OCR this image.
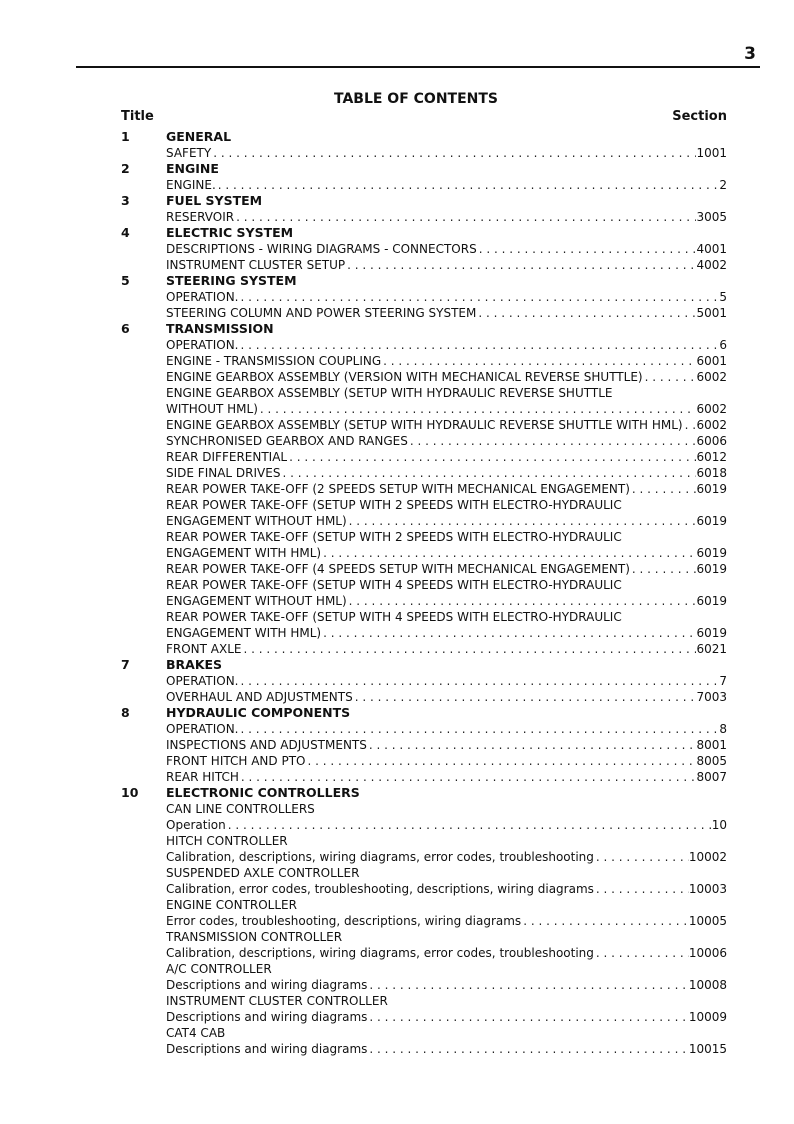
3
TABLE OF CONTENTS
Title	Section
1	GENERAL
SAFETY . . .	1001
2	ENGINE
ENGINE. . . .	2
3	FUEL SYSTEM
RESERVOIR . . .	3005
4	ELECTRIC SYSTEM
DESCRIPTIONS - WIRING DIAGRAMS - CONNECTORS . . .	4001
INSTRUMENT CLUSTER SETUP . . .	4002
5	STEERING SYSTEM
OPERATION. . . .	5
STEERING COLUMN AND POWER STEERING SYSTEM . . .	5001
6	TRANSMISSION
OPERATION. . . .	6
ENGINE - TRANSMISSION COUPLING . . .	6001
ENGINE GEARBOX ASSEMBLY (VERSION WITH MECHANICAL REVERSE SHUTTLE) . . .	6002
ENGINE GEARBOX ASSEMBLY (SETUP WITH HYDRAULIC REVERSE SHUTTLE
WITHOUT HML) . . .	6002
ENGINE GEARBOX ASSEMBLY (SETUP WITH HYDRAULIC REVERSE SHUTTLE WITH HML) . . . 6002
SYNCHRONISED GEARBOX AND RANGES . . .	6006
REAR DIFFERENTIAL . . .	6012
SIDE FINAL DRIVES . . .	6018
REAR POWER TAKE-OFF (2 SPEEDS SETUP WITH MECHANICAL ENGAGEMENT) . . .	6019
REAR POWER TAKE-OFF (SETUP WITH 2 SPEEDS WITH ELECTRO-HYDRAULIC
ENGAGEMENT WITHOUT HML) . . .	6019
REAR POWER TAKE-OFF (SETUP WITH 2 SPEEDS WITH ELECTRO-HYDRAULIC
ENGAGEMENT WITH HML) . . .	6019
REAR POWER TAKE-OFF (4 SPEEDS SETUP WITH MECHANICAL ENGAGEMENT) . . .	6019
REAR POWER TAKE-OFF (SETUP WITH 4 SPEEDS WITH ELECTRO-HYDRAULIC
ENGAGEMENT WITHOUT HML) . . .	6019
REAR POWER TAKE-OFF (SETUP WITH 4 SPEEDS WITH ELECTRO-HYDRAULIC
ENGAGEMENT WITH HML) . . .	6019
FRONT AXLE . . .	6021
7	BRAKES
OPERATION. . . .	7
OVERHAUL AND ADJUSTMENTS . . .	7003
8	HYDRAULIC COMPONENTS
OPERATION. . . .	8
INSPECTIONS AND ADJUSTMENTS . . .	8001
FRONT HITCH AND PTO . . .	8005
REAR HITCH . . .	8007
10	ELECTRONIC CONTROLLERS
CAN LINE CONTROLLERS
Operation . . .	10
HITCH CONTROLLER
Calibration, descriptions, wiring diagrams, error codes, troubleshooting . . .	10002
SUSPENDED AXLE CONTROLLER
Calibration, error codes, troubleshooting, descriptions, wiring diagrams . . .	10003
ENGINE CONTROLLER
Error codes, troubleshooting, descriptions, wiring diagrams . . .	10005
TRANSMISSION CONTROLLER
Calibration, descriptions, wiring diagrams, error codes, troubleshooting . . .	10006
A/C CONTROLLER
Descriptions and wiring diagrams . . .	10008
INSTRUMENT CLUSTER CONTROLLER
Descriptions and wiring diagrams . . .	10009
CAT4 CAB
Descriptions and wiring diagrams . . .	10015
